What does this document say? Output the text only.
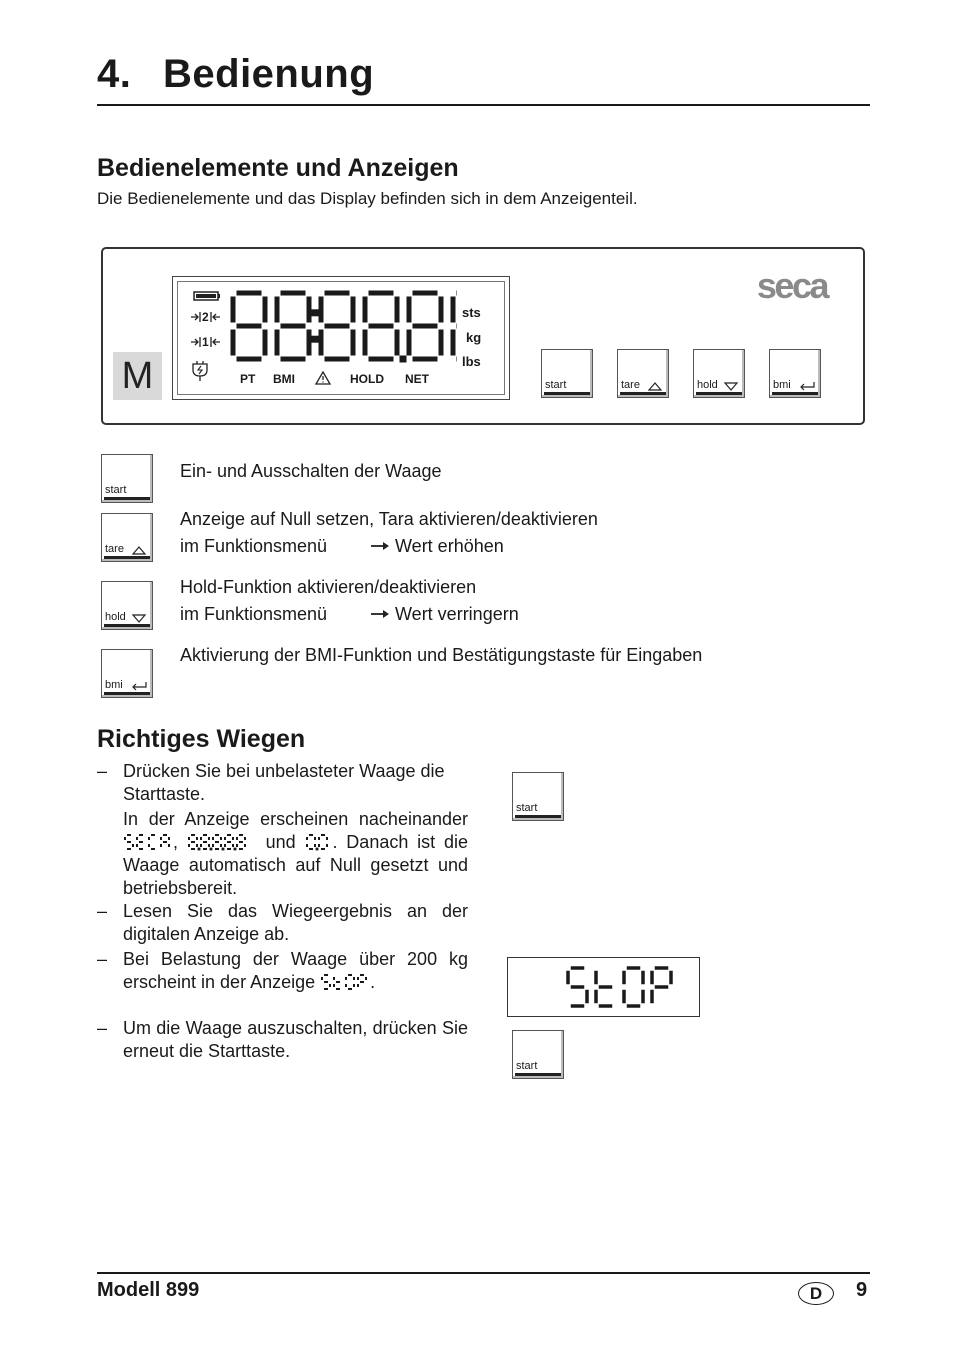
4. Bedienung
Bedienelemente und Anzeigen
Die Bedienelemente und das Display befinden sich in dem Anzeigenteil.
M
2
1
sts
kg
lbs
PT BMI	HOLD NET
seca
start	tare	hold	bmi
start
Ein- und Ausschalten der Waage
tare
Anzeige auf Null setzen, Tara aktivieren/deaktivieren
im Funktionsmenü	Wert erhöhen
hold
Hold-Funktion aktivieren/deaktivieren
im Funktionsmenü	Wert verringern
bmi
Aktivierung der BMI-Funktion und Bestätigungstaste für Eingaben
Richtiges Wiegen
– Drücken Sie bei unbelasteter Waage die Starttaste.
In der Anzeige erscheinen nacheinander ,	und . Danach ist die Waage automatisch auf Null gesetzt und betriebsbereit.
– Lesen Sie das Wiegeergebnis an der digitalen Anzeige ab.
– Bei Belastung der Waage über 200 kg erscheint in der Anzeige	.
– Um die Waage auszuschalten, drücken Sie erneut die Starttaste.
start
start
Modell 899	D	9
